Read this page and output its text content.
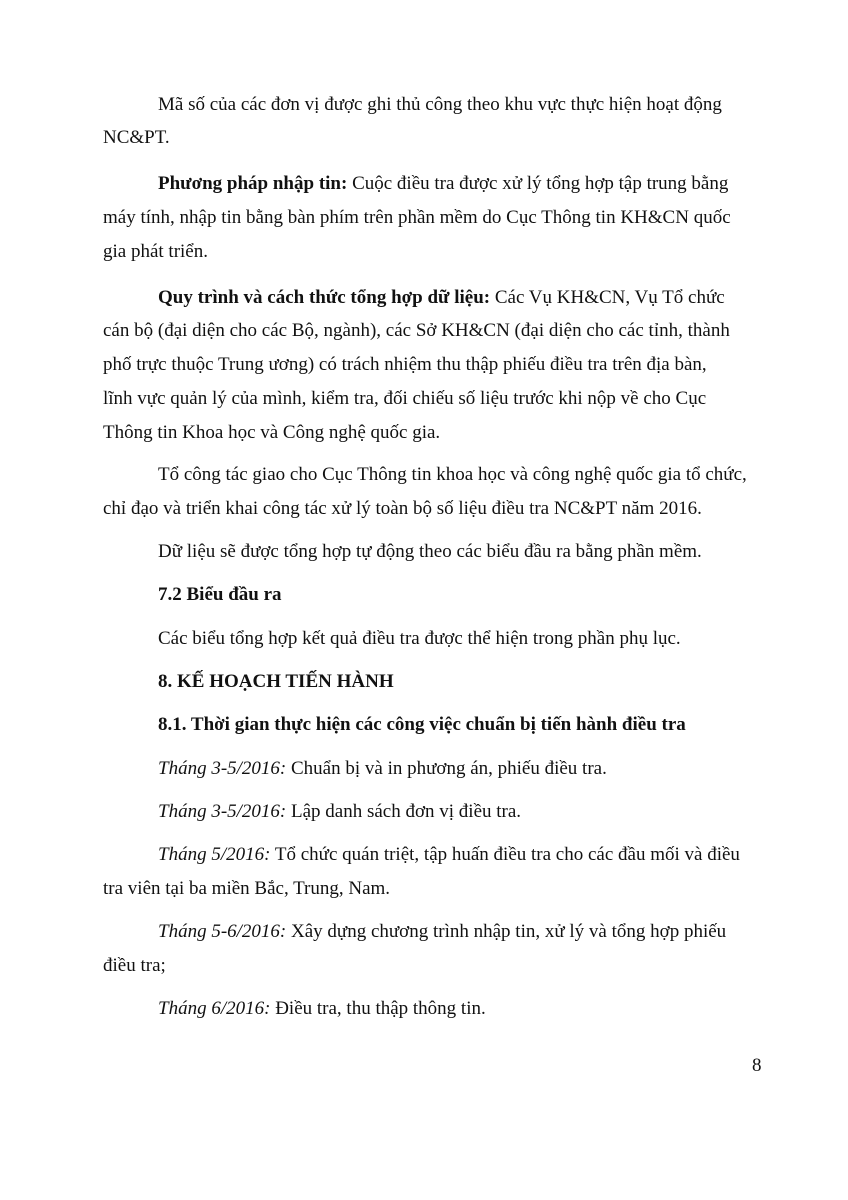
Mã số của các đơn vị được ghi thủ công theo khu vực thực hiện hoạt động
NC&PT.
Phương pháp nhập tin: Cuộc điều tra được xử lý tổng hợp tập trung bằng
máy tính, nhập tin bằng bàn phím trên phần mềm do Cục Thông tin KH&CN quốc
gia phát triển.
Quy trình và cách thức tổng hợp dữ liệu: Các Vụ KH&CN, Vụ Tổ chức
cán bộ (đại diện cho các Bộ, ngành), các Sở KH&CN (đại diện cho các tỉnh, thành
phố trực thuộc Trung ương) có trách nhiệm thu thập phiếu điều tra trên địa bàn,
lĩnh vực quản lý của mình, kiểm tra, đối chiếu số liệu trước khi nộp về cho Cục
Thông tin Khoa học và Công nghệ quốc gia.
Tổ công tác giao cho Cục Thông tin khoa học và công nghệ quốc gia tổ chức,
chỉ đạo và triển khai công tác xử lý toàn bộ số liệu điều tra NC&PT năm 2016.
Dữ liệu sẽ được tổng hợp tự động theo các biểu đầu ra bằng phần mềm.
7.2 Biểu đầu ra
Các biểu tổng hợp kết quả điều tra được thể hiện trong phần phụ lục.
8. KẾ HOẠCH TIẾN HÀNH
8.1. Thời gian thực hiện các công việc chuẩn bị tiến hành điều tra
Tháng 3-5/2016: Chuẩn bị và in phương án, phiếu điều tra.
Tháng 3-5/2016: Lập danh sách đơn vị điều tra.
Tháng 5/2016: Tổ chức quán triệt, tập huấn điều tra cho các đầu mối và điều
tra viên tại ba miền Bắc, Trung, Nam.
Tháng 5-6/2016: Xây dựng chương trình nhập tin, xử lý và tổng hợp phiếu
điều tra;
Tháng 6/2016: Điều tra, thu thập thông tin.
8
